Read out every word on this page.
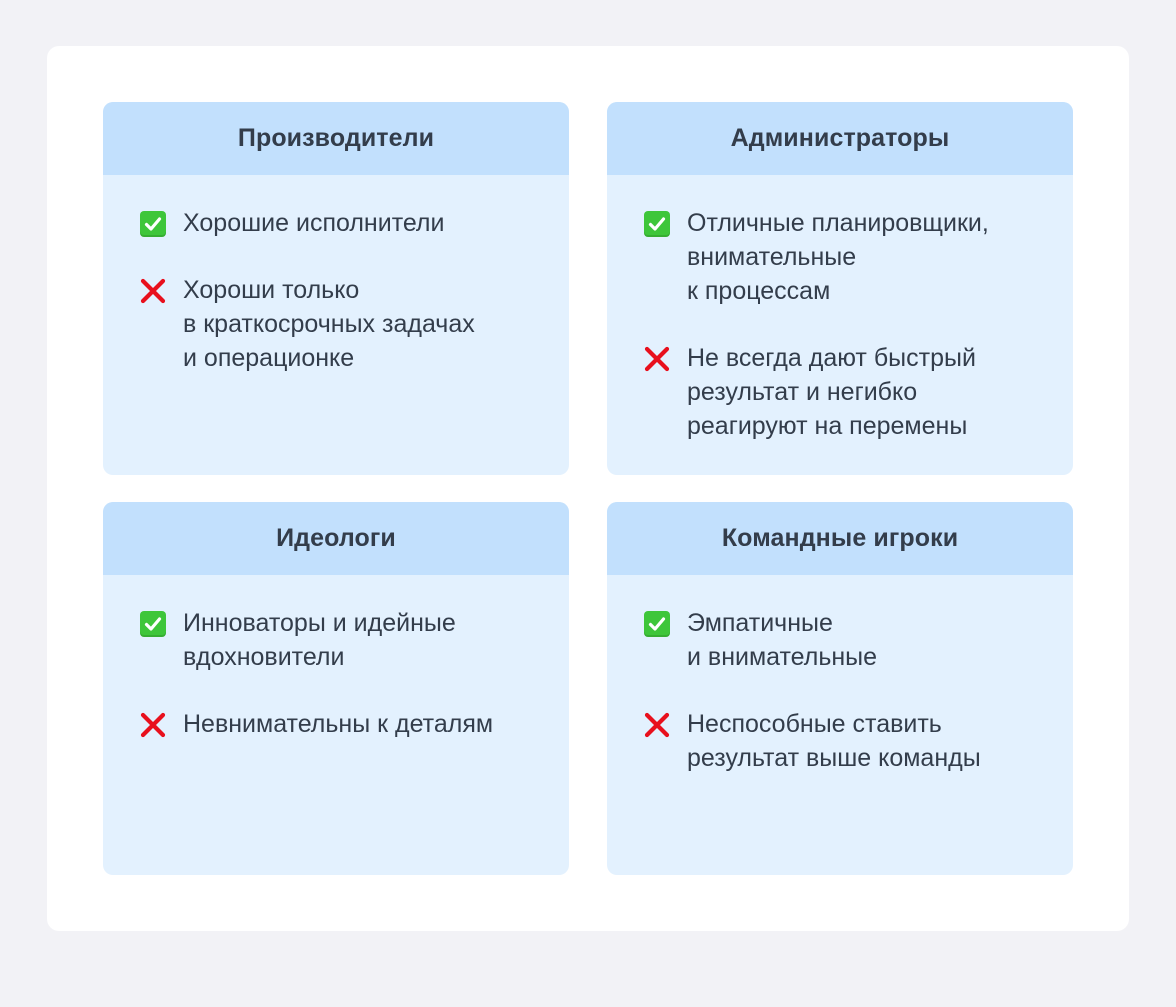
Производители
Хорошие исполнители
Хороши только
в краткосрочных задачах
и операционке
Администраторы
Отличные планировщики,
внимательные
к процессам
Не всегда дают быстрый
результат и негибко
реагируют на перемены
Идеологи
Инноваторы и идейные
вдохновители
Невнимательны к деталям
Командные игроки
Эмпатичные
и внимательные
Неспособные ставить
результат выше команды
